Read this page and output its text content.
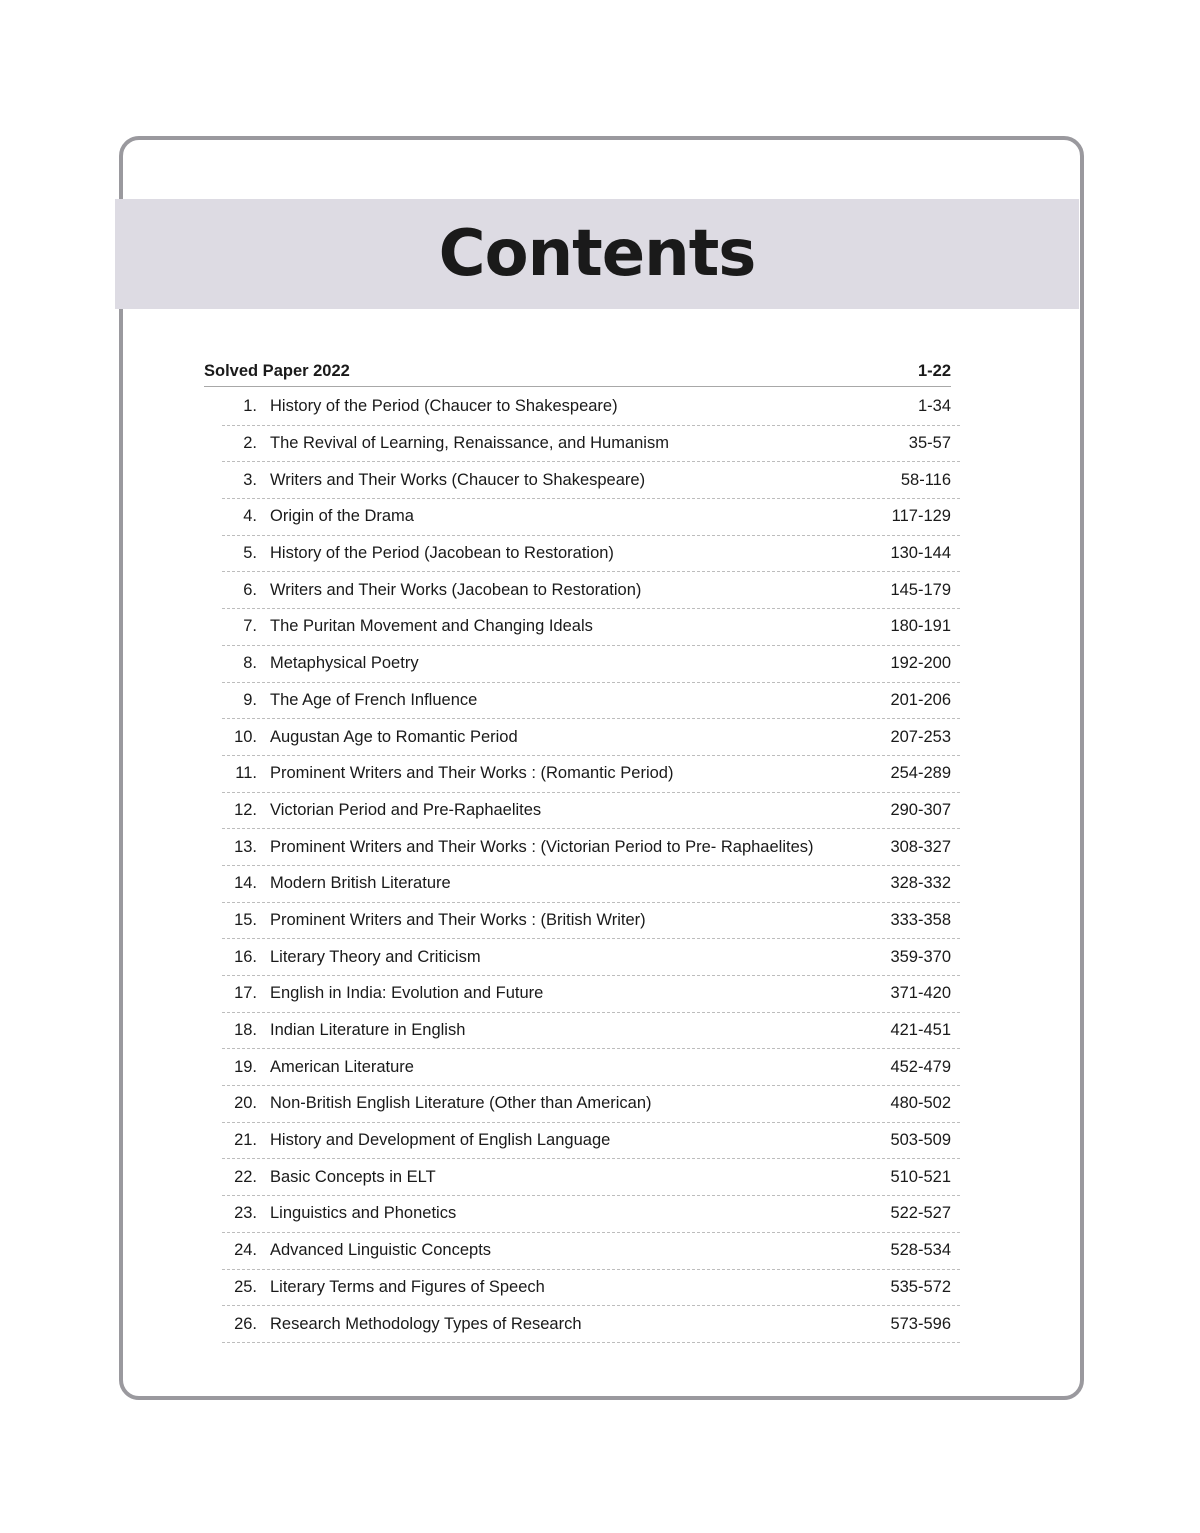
Contents
Solved Paper 2022	1-22
1. History of the Period (Chaucer to Shakespeare)	1-34
2. The Revival of Learning, Renaissance, and Humanism	35-57
3. Writers and Their Works (Chaucer to Shakespeare)	58-116
4. Origin of the Drama	117-129
5. History of the Period (Jacobean to Restoration)	130-144
6. Writers and Their Works (Jacobean to Restoration)	145-179
7. The Puritan Movement and Changing Ideals	180-191
8. Metaphysical Poetry	192-200
9. The Age of French Influence	201-206
10. Augustan Age to Romantic Period	207-253
11. Prominent Writers and Their Works : (Romantic Period)	254-289
12. Victorian Period and Pre-Raphaelites	290-307
13. Prominent Writers and Their Works : (Victorian Period to Pre- Raphaelites)	308-327
14. Modern British Literature	328-332
15. Prominent Writers and Their Works : (British Writer)	333-358
16. Literary Theory and Criticism	359-370
17. English in India: Evolution and Future	371-420
18. Indian Literature in English	421-451
19. American Literature	452-479
20. Non-British English Literature (Other than American)	480-502
21. History and Development of English Language	503-509
22. Basic Concepts in ELT	510-521
23. Linguistics and Phonetics	522-527
24. Advanced Linguistic Concepts	528-534
25. Literary Terms and Figures of Speech	535-572
26. Research Methodology Types of Research	573-596
